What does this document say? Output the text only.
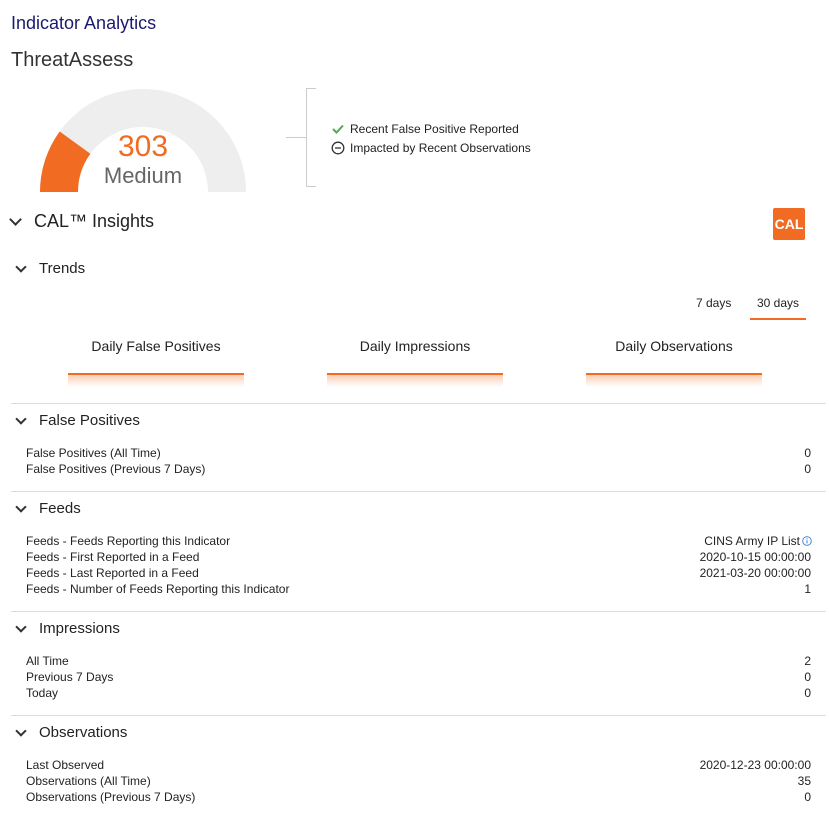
Indicator Analytics
ThreatAssess
303
Medium
Recent False Positive Reported
Impacted by Recent Observations
CAL™ Insights	CAL
Trends
7 days	30 days
Daily False Positives	Daily Impressions	Daily Observations
False Positives
False Positives (All Time)	0
False Positives (Previous 7 Days)	0
Feeds
Feeds - Feeds Reporting this Indicator	CINS Army IP List
Feeds - First Reported in a Feed	2020-10-15 00:00:00
Feeds - Last Reported in a Feed	2021-03-20 00:00:00
Feeds - Number of Feeds Reporting this Indicator	1
Impressions
All Time	2
Previous 7 Days	0
Today	0
Observations
Last Observed	2020-12-23 00:00:00
Observations (All Time)	35
Observations (Previous 7 Days)	0
